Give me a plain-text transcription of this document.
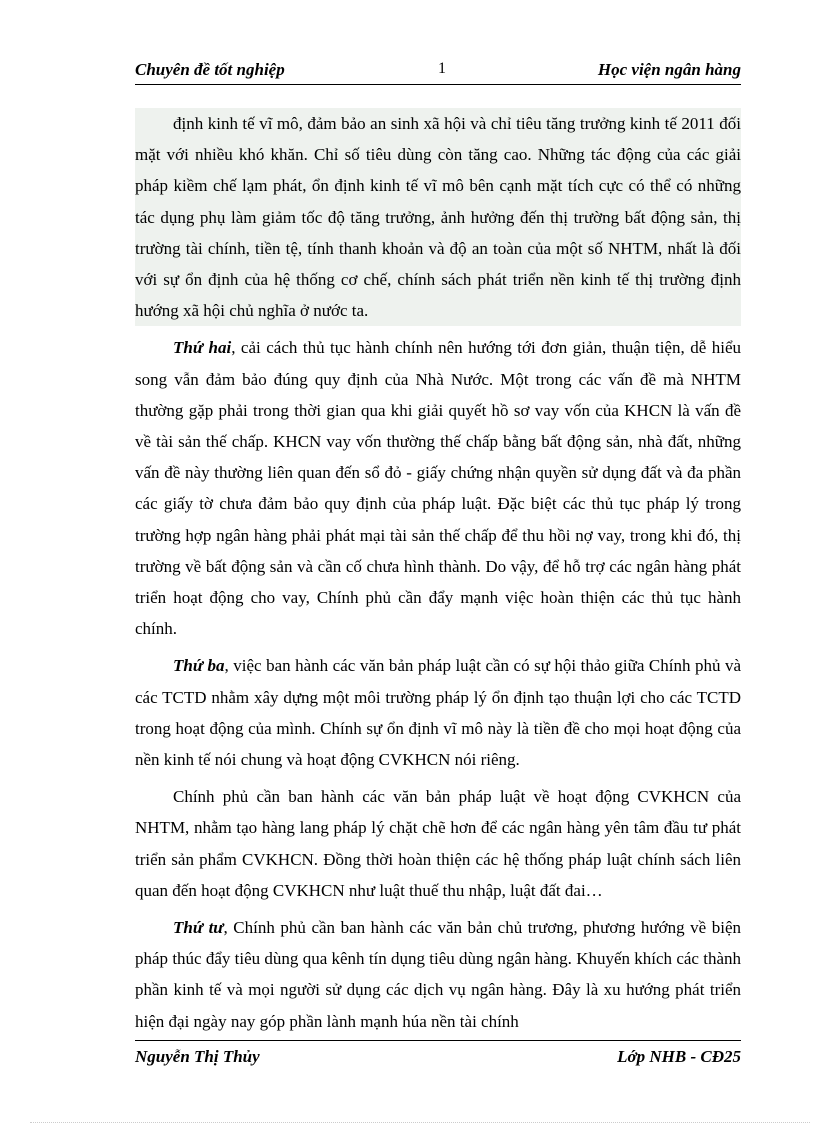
Chuyên đề tốt nghiệp	1	Học viện ngân hàng

định kinh tế vĩ mô, đảm bảo an sinh xã hội và chỉ tiêu tăng trưởng kinh tế 2011 đối mặt với nhiều khó khăn. Chỉ số tiêu dùng còn tăng cao. Những tác động của các giải pháp kiềm chế lạm phát, ổn định kinh tế vĩ mô bên cạnh mặt tích cực có thể có những tác dụng phụ làm giảm tốc độ tăng trưởng, ảnh hưởng đến thị trường bất động sản, thị trường tài chính, tiền tệ, tính thanh khoản và độ an toàn của một số NHTM, nhất là đối với sự ổn định của hệ thống cơ chế, chính sách phát triển nền kinh tế thị trường định hướng xã hội chủ nghĩa ở nước ta.

Thứ hai, cải cách thủ tục hành chính nên hướng tới đơn giản, thuận tiện, dễ hiểu song vẫn đảm bảo đúng quy định của Nhà Nước. Một trong các vấn đề mà NHTM thường gặp phải trong thời gian qua khi giải quyết hồ sơ vay vốn của KHCN là vấn đề về tài sản thế chấp. KHCN vay vốn thường thế chấp bằng bất động sản, nhà đất, những vấn đề này thường liên quan đến sổ đỏ - giấy chứng nhận quyền sử dụng đất và đa phần các giấy tờ chưa đảm bảo quy định của pháp luật. Đặc biệt các thủ tục pháp lý trong trường hợp ngân hàng phải phát mại tài sản thế chấp để thu hồi nợ vay, trong khi đó, thị trường về bất động sản và cần cố chưa hình thành. Do vậy, để hỗ trợ các ngân hàng phát triển hoạt động cho vay, Chính phủ cần đẩy mạnh việc hoàn thiện các thủ tục hành chính.

Thứ ba, việc ban hành các văn bản pháp luật cần có sự hội thảo giữa Chính phủ và các TCTD nhằm xây dựng một môi trường pháp lý ổn định tạo thuận lợi cho các TCTD trong hoạt động của mình. Chính sự ổn định vĩ mô này là tiền đề cho mọi hoạt động của nền kinh tế nói chung và hoạt động CVKHCN nói riêng.

Chính phủ cần ban hành các văn bản pháp luật về hoạt động CVKHCN của NHTM, nhằm tạo hàng lang pháp lý chặt chẽ hơn để các ngân hàng yên tâm đầu tư phát triển sản phẩm CVKHCN. Đồng thời hoàn thiện các hệ thống pháp luật chính sách liên quan đến hoạt động CVKHCN như luật thuế thu nhập, luật đất đai…

Thứ tư, Chính phủ cần ban hành các văn bản chủ trương, phương hướng về biện pháp thúc đẩy tiêu dùng qua kênh tín dụng tiêu dùng ngân hàng. Khuyến khích các thành phần kinh tế và mọi người sử dụng các dịch vụ ngân hàng. Đây là xu hướng phát triển hiện đại ngày nay góp phần lành mạnh húa nền tài chính

Nguyễn Thị Thủy	Lớp NHB - CĐ25
